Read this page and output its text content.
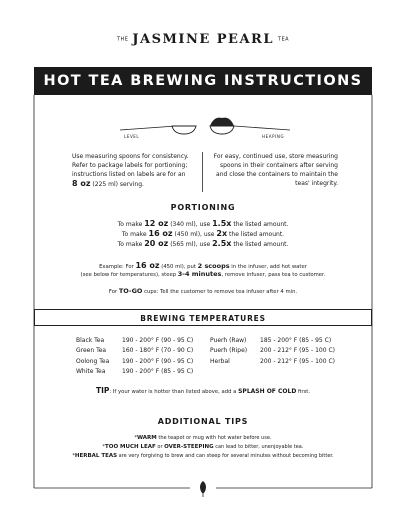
THE JASMINE PEARL TEA
HOT TEA BREWING INSTRUCTIONS
LEVEL	HEAPING
Use measuring spoons for consistency.
Refer to package labels for portioning;
instructions listed on labels are for an
8 oz (225 ml) serving.
For easy, continued use, store measuring
spoons in their containers after serving
and close the containers to maintain the
teas' integrity.
PORTIONING
To make 12 oz (340 ml), use 1.5x the listed amount.
To make 16 oz (450 ml), use 2x the listed amount.
To make 20 oz (565 ml), use 2.5x the listed amount.
Example: For 16 oz (450 ml), put 2 scoops in the infuser, add hot water
(see below for temperatures), steep 3-4 minutes, remove infuser, pass tea to customer.
For TO-GO cups: Tell the customer to remove tea infuser after 4 min.
BREWING TEMPERATURES
Black Tea	190 - 200° F (90 - 95 C)
Green Tea	160 - 180° F (70 - 90 C)
Oolong Tea 190 - 200° F (90 - 95 C)
White Tea	190 - 200° F (85 - 95 C)
Puerh (Raw) 185 - 200° F (85 - 95 C)
Puerh (Ripe) 200 - 212° F (95 - 100 C)
Herbal	200 - 212° F (95 - 100 C)
TIP: If your water is hotter than listed above, add a SPLASH OF COLD first.
ADDITIONAL TIPS
*WARM the teapot or mug with hot water before use.
*TOO MUCH LEAF or OVER-STEEPING can lead to bitter, unenjoyable tea.
*HERBAL TEAS are very forgiving to brew and can steep for several minutes without becoming bitter.
